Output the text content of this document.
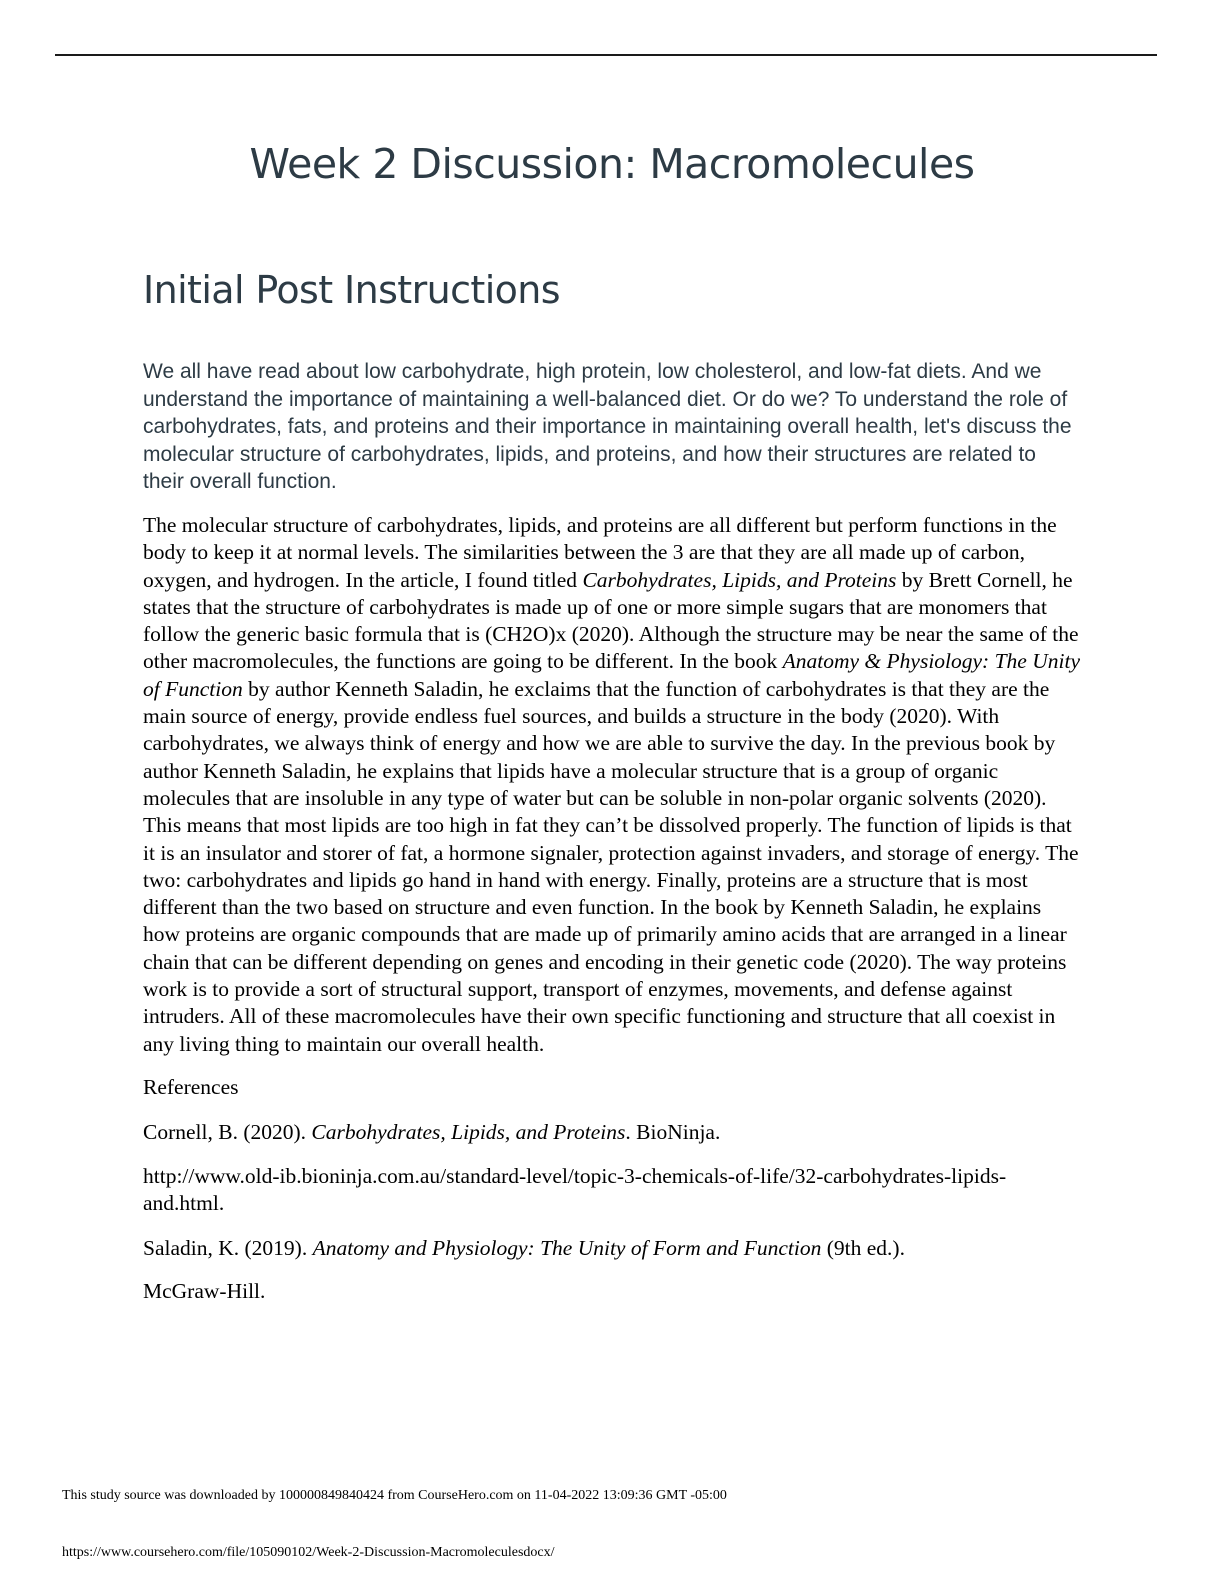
Week 2 Discussion: Macromolecules
Initial Post Instructions

We all have read about low carbohydrate, high protein, low cholesterol, and low-fat diets. And we understand the importance of maintaining a well-balanced diet. Or do we? To understand the role of carbohydrates, fats, and proteins and their importance in maintaining overall health, let's discuss the molecular structure of carbohydrates, lipids, and proteins, and how their structures are related to their overall function.

The molecular structure of carbohydrates, lipids, and proteins are all different but perform functions in the body to keep it at normal levels. The similarities between the 3 are that they are all made up of carbon, oxygen, and hydrogen. In the article, I found titled Carbohydrates, Lipids, and Proteins by Brett Cornell, he states that the structure of carbohydrates is made up of one or more simple sugars that are monomers that follow the generic basic formula that is (CH2O)x (2020). Although the structure may be near the same of the other macromolecules, the functions are going to be different. In the book Anatomy & Physiology: The Unity of Function by author Kenneth Saladin, he exclaims that the function of carbohydrates is that they are the main source of energy, provide endless fuel sources, and builds a structure in the body (2020). With carbohydrates, we always think of energy and how we are able to survive the day. In the previous book by author Kenneth Saladin, he explains that lipids have a molecular structure that is a group of organic molecules that are insoluble in any type of water but can be soluble in non-polar organic solvents (2020). This means that most lipids are too high in fat they can’t be dissolved properly. The function of lipids is that it is an insulator and storer of fat, a hormone signaler, protection against invaders, and storage of energy. The two: carbohydrates and lipids go hand in hand with energy. Finally, proteins are a structure that is most different than the two based on structure and even function. In the book by Kenneth Saladin, he explains how proteins are organic compounds that are made up of primarily amino acids that are arranged in a linear chain that can be different depending on genes and encoding in their genetic code (2020). The way proteins work is to provide a sort of structural support, transport of enzymes, movements, and defense against intruders. All of these macromolecules have their own specific functioning and structure that all coexist in any living thing to maintain our overall health.

References

Cornell, B. (2020). Carbohydrates, Lipids, and Proteins. BioNinja.

http://www.old-ib.bioninja.com.au/standard-level/topic-3-chemicals-of-life/32-carbohydrates-lipids-and.html.

Saladin, K. (2019). Anatomy and Physiology: The Unity of Form and Function (9th ed.).

McGraw-Hill.

This study source was downloaded by 100000849840424 from CourseHero.com on 11-04-2022 13:09:36 GMT -05:00

https://www.coursehero.com/file/105090102/Week-2-Discussion-Macromoleculesdocx/
